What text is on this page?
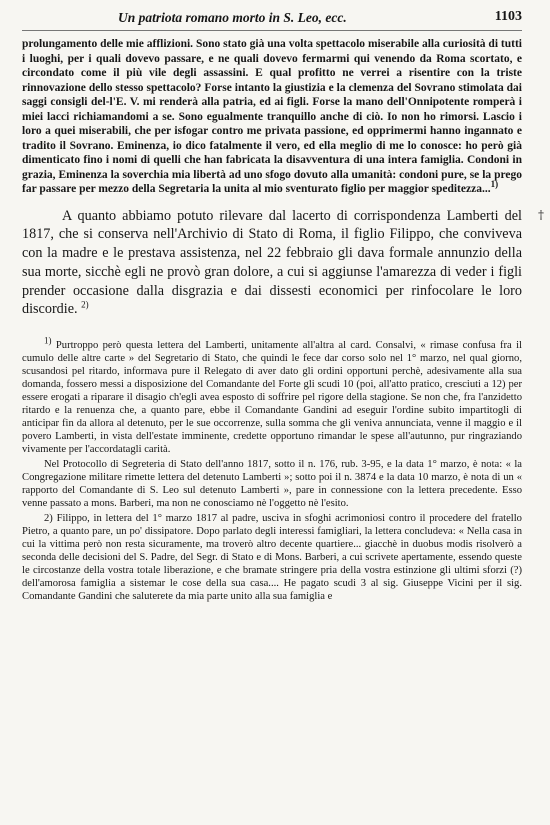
Un patriota romano morto in S. Leo, ecc.	1103

prolungamento delle mie afflizioni. Sono stato già una volta spettacolo miserabile alla curiosità di tutti i luoghi, per i quali dovevo passare, e ne quali dovevo fermarmi qui venendo da Roma scortato, e circondato come il più vile degli assassini. E qual profitto ne verrei a risentire con la triste rinnovazione dello stesso spettacolo? Forse intanto la giustizia e la clemenza del Sovrano stimolata dai saggi consigli del-l'E. V. mi renderà alla patria, ed ai figli. Forse la mano dell'Onnipotente romperà i miei lacci richiamandomi a se. Sono egualmente tranquillo anche di ciò. Io non ho rimorsi. Lascio i loro a quei miserabili, che per isfogar contro me privata passione, ed opprimermi hanno ingannato e tradito il Sovrano. Eminenza, io dico fatalmente il vero, ed ella meglio di me lo conosce: ho però già dimenticato fino i nomi di quelli che han fabricata la disavventura di una intera famiglia. Condoni in grazia, Eminenza la soverchia mia libertà ad uno sfogo dovuto alla umanità: condoni pure, se la prego far passare per mezzo della Segretaria la unita al mio sventurato figlio per maggior speditezza...$^{1)}$

A quanto abbiamo potuto rilevare dal lacerto di corrispondenza Lamberti del 1817, che si conserva nell'Archivio di Stato di Roma, il figlio Filippo, che conviveva con la madre e le prestava assistenza, nel 22 febbraio gli dava formale annunzio della sua morte, sicchè egli ne provò gran dolore, a cui si aggiunse l'amarezza di veder i figli prender occasione dalla disgrazia e dai dissesti economici per rinfocolare le loro discordie. $^{2)}$

$^{1)}$ Purtroppo però questa lettera del Lamberti, unitamente all'altra al card. Consalvi, « rimase confusa fra il cumulo delle altre carte » del Segretario di Stato, che quindi le fece dar corso solo nel 1° marzo, nel qual giorno, scusandosi pel ritardo, informava pure il Relegato di aver dato gli ordini opportuni perchè, adesivamente alla sua domanda, fossero messi a disposizione del Comandante del Forte gli scudi 10 (poi, all'atto pratico, cresciuti a 12) per essere erogati a riparare il disagio ch'egli avea esposto di soffrire pel rigore della stagione. Se non che, fra l'anzidetto ritardo e la renuenza che, a quanto pare, ebbe il Comandante Gandini ad eseguir l'ordine subito impartitogli di anticipar fin da allora al detenuto, per le sue occorrenze, sulla somma che gli veniva annunciata, venne il maggio e il povero Lamberti, in vista dell'estate imminente, credette opportuno rimandar le spese all'autunno, pur ringraziando vivamente per l'accordatagli carità.

Nel Protocollo di Segreteria di Stato dell'anno 1817, sotto il n. 176, rub. 3-95, e la data 1° marzo, è nota: « la Congregazione militare rimette lettera del detenuto Lamberti »; sotto poi il n. 3874 e la data 10 marzo, è nota di un « rapporto del Comandante di S. Leo sul detenuto Lamberti », pare in connessione con la lettera precedente. Esso venne passato a mons. Barberi, ma non ne conosciamo nè l'oggetto nè l'esito.

2) Filippo, in lettera del 1° marzo 1817 al padre, usciva in sfoghi acrimoniosi contro il procedere del fratello Pietro, a quanto pare, un po' dissipatore. Dopo parlato degli interessi famigliari, la lettera concludeva: « Nella casa in cui la vittima però non resta sicuramente, ma troverò altro decente quartiere... giacchè in duobus modis risolverò a seconda delle decisioni del S. Padre, del Segr. di Stato e di Mons. Barberi, a cui scrivete apertamente, essendo queste le circostanze della vostra totale liberazione, e che bramate stringere pria della vostra estinzione gli ultimi sforzi (?) dell'amorosa famiglia a sistemar le cose della sua casa.... He pagato scudi 3 al sig. Giuseppe Vicini per il sig. Comandante Gandini che saluterete da mia parte unito alla sua famiglia e

†
